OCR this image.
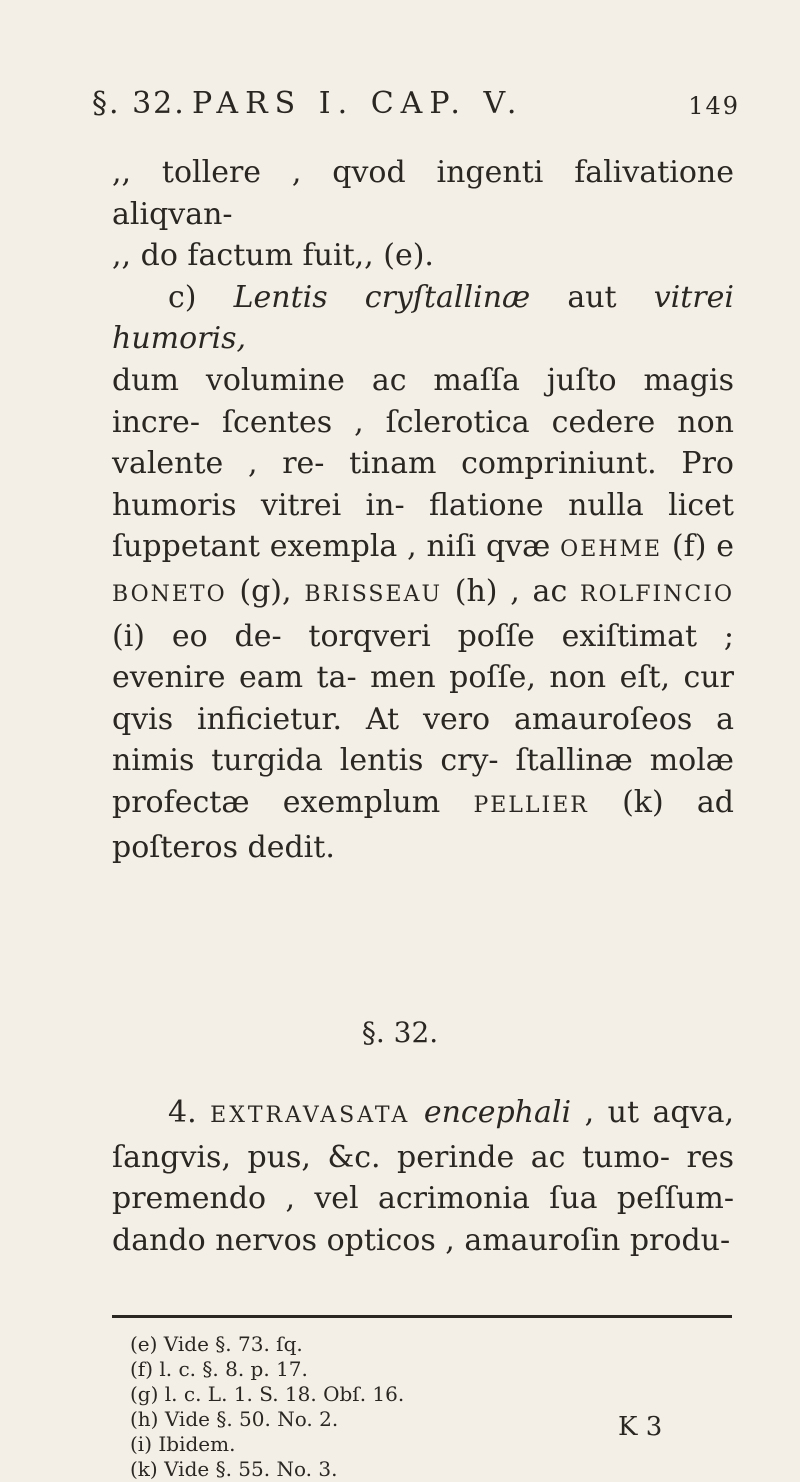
§. 32. PARS I. CAP. V.	149

,, tollere , qvod ingenti falivatione aliqvan-

,, do factum fuit,, (e).

c) Lentis cryſtallinæ aut vitrei humoris,

dum volumine ac maſſa juſto magis incre- ſcentes , ſclerotica cedere non valente , re- tinam compriniunt. Pro humoris vitrei in- flatione nulla licet ſuppetant exempla , niſi qvæ OEHME (f) e BONETO (g), BRISSEAU (h) , ac ROLFINCIO (i) eo de- torqveri poſſe exiſtimat ; evenire eam ta- men poſſe, non eſt, cur qvis inficietur. At vero amauroſeos a nimis turgida lentis cry- ſtallinæ molæ profectæ exemplum PELLIER (k) ad poſteros dedit.

§. 32.
4. EXTRAVASATA encephali , ut aqva, ſangvis, pus, &c. perinde ac tumo- res premendo , vel acrimonia ſua peſſum- dando nervos opticos , amauroſin produ-
(e) Vide §. 73. ſq.
(f) l. c. §. 8. p. 17.
(g) l. c. L. 1. S. 18. Obſ. 16.
(h) Vide §. 50. No. 2.
(i) Ibidem.
(k) Vide §. 55. No. 3.
K 3
